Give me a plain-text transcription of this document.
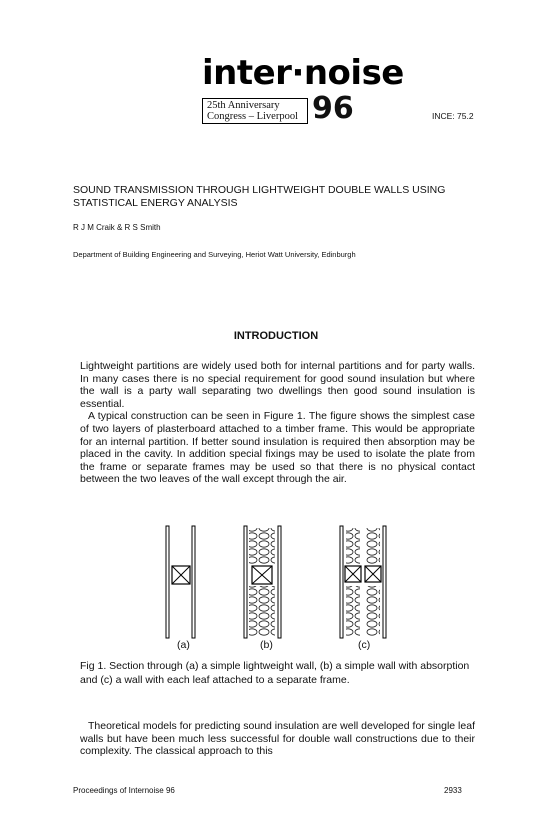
inter·noise
25th Anniversary
Congress – Liverpool 96	INCE: 75.2
SOUND TRANSMISSION THROUGH LIGHTWEIGHT DOUBLE WALLS USING
STATISTICAL ENERGY ANALYSIS
R J M Craik & R S Smith
Department of Building Engineering and Surveying, Heriot Watt University, Edinburgh
INTRODUCTION

Lightweight partitions are widely used both for internal partitions and for party walls. In many cases there is no special requirement for good sound insulation but where the wall is a party wall separating two dwellings then good sound insulation is essential.

A typical construction can be seen in Figure 1. The figure shows the simplest case of two layers of plasterboard attached to a timber frame. This would be appropriate for an internal partition. If better sound insulation is required then absorption may be placed in the cavity. In addition special fixings may be used to isolate the plate from the frame or separate frames may be used so that there is no physical contact between the two leaves of the wall except through the air.

(a)	(b)	(c)
Fig 1. Section through (a) a simple lightweight wall, (b) a simple wall with absorption and (c) a wall with each leaf attached to a separate frame.

Theoretical models for predicting sound insulation are well developed for single leaf walls but have been much less successful for double wall constructions due to their complexity. The classical approach to this

Proceedings of Internoise 96	2933
